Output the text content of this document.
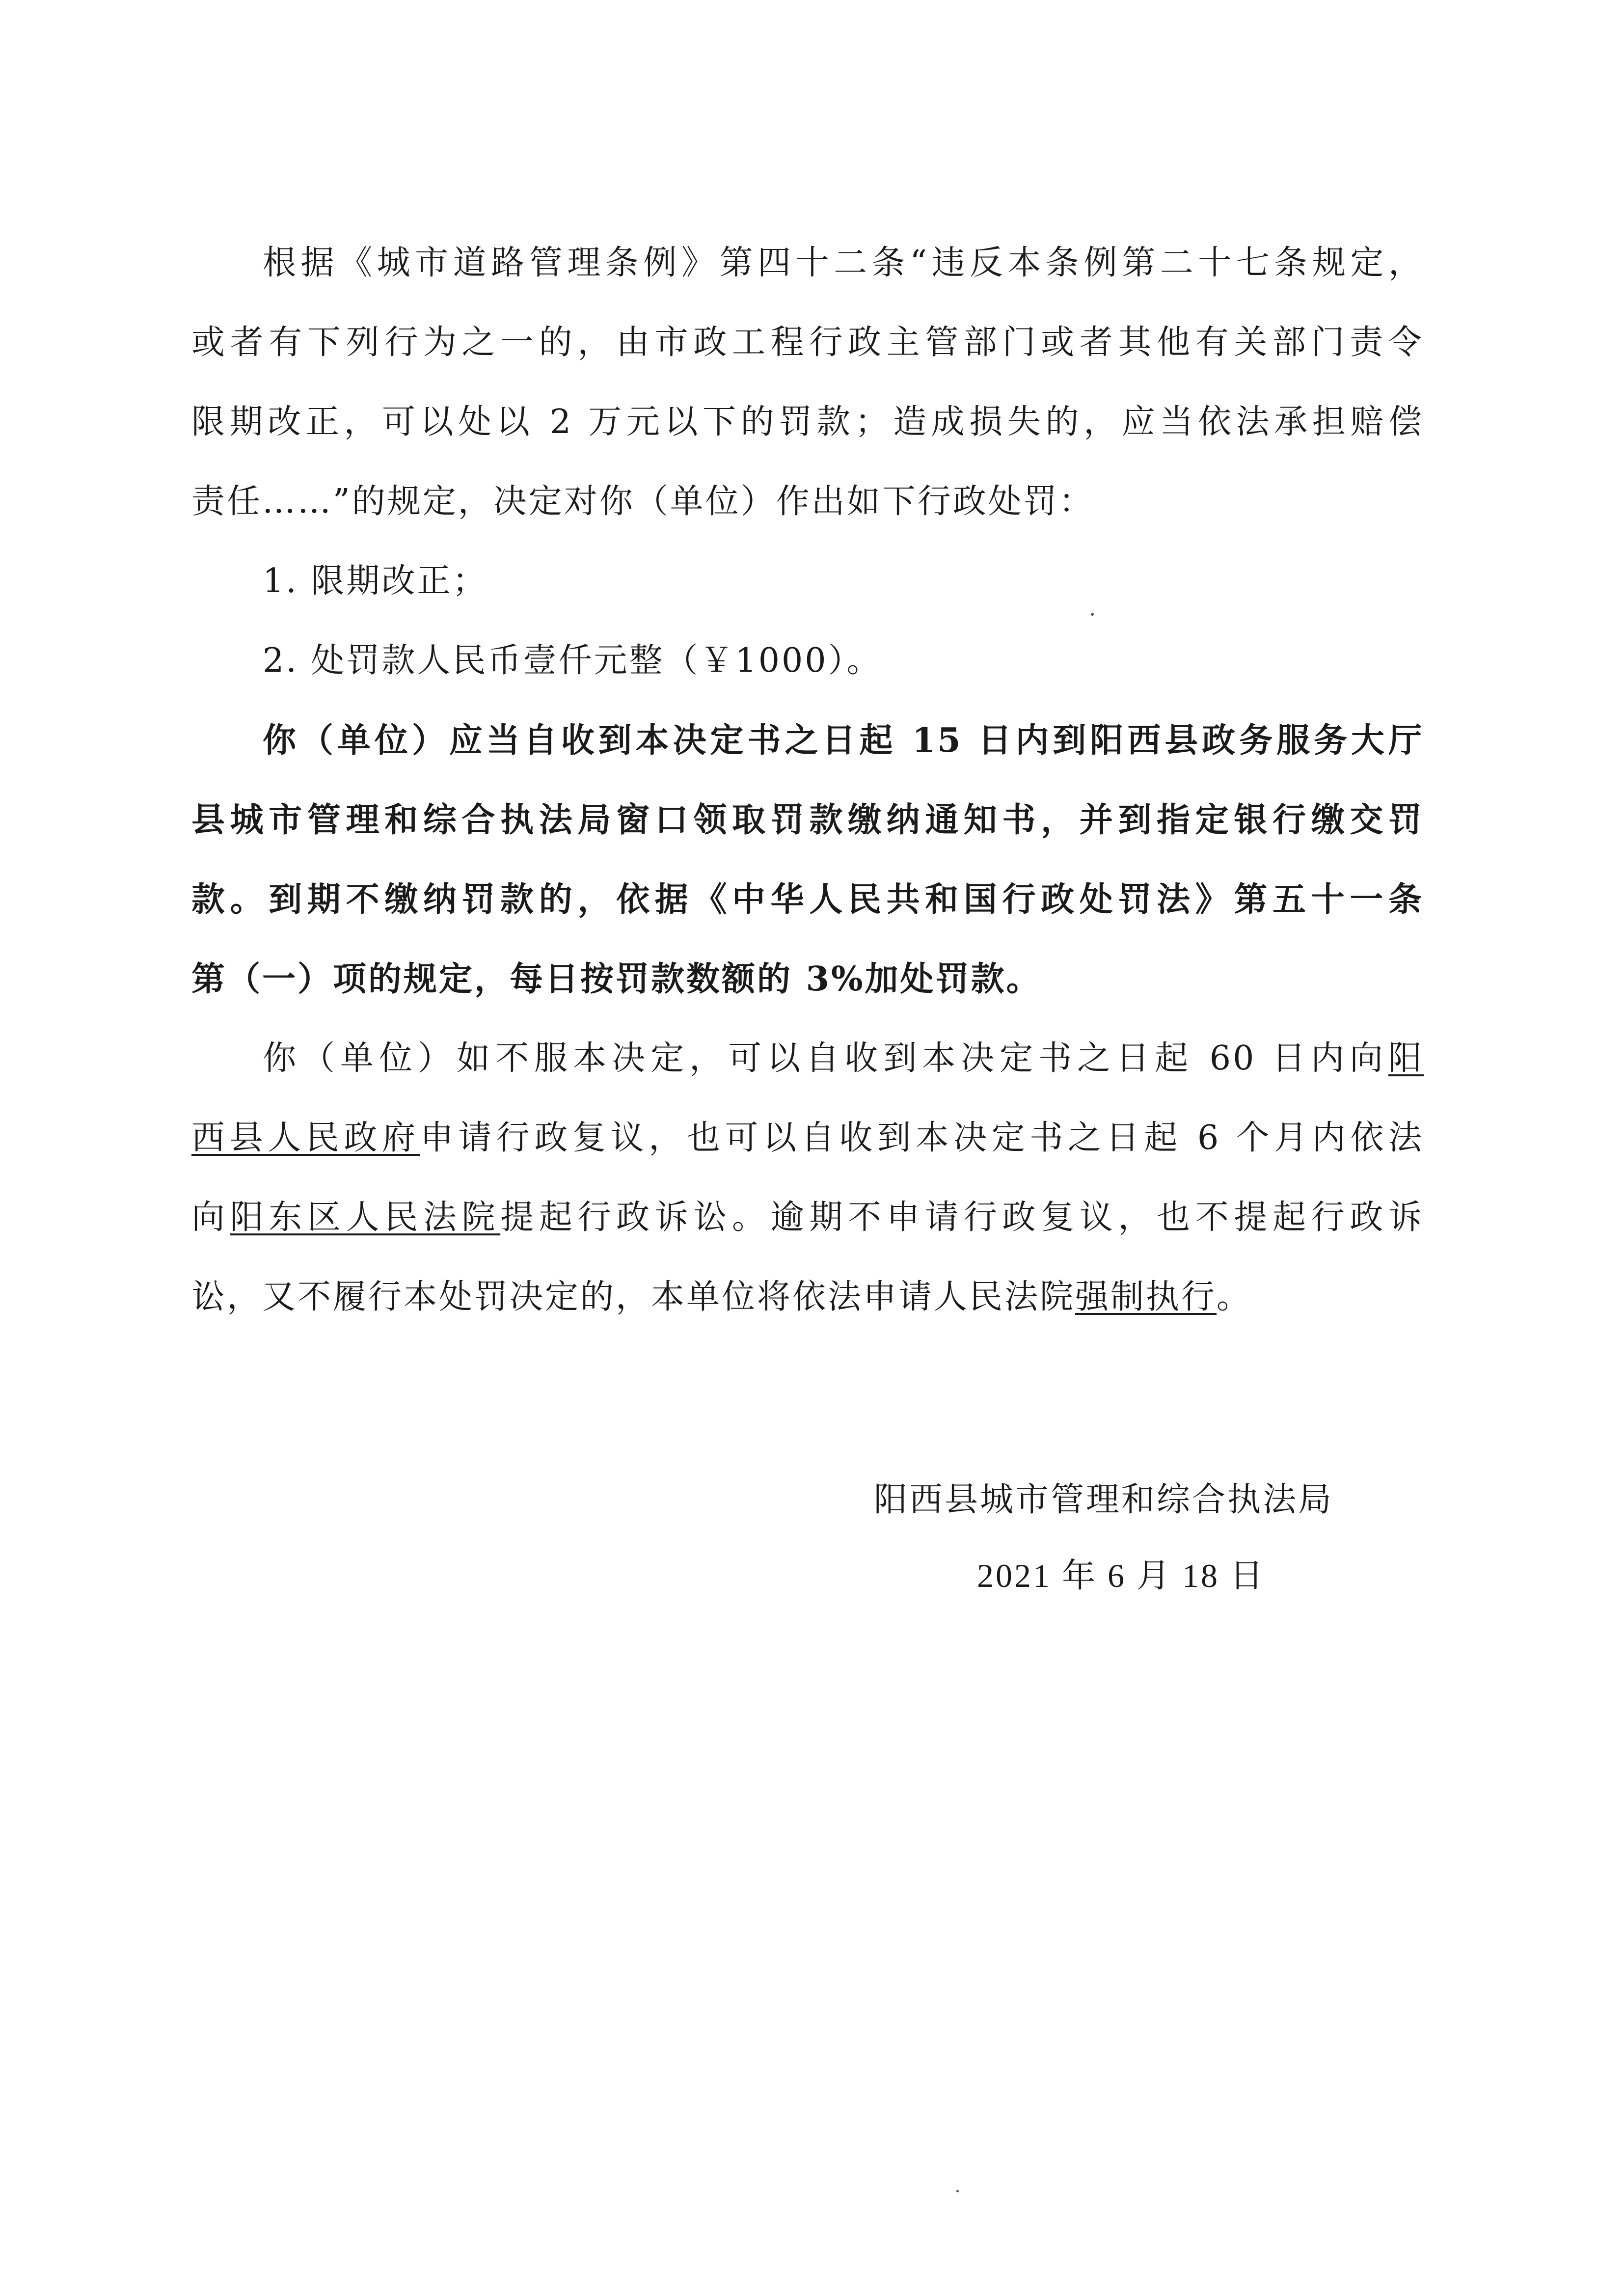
根据《城市道路管理条例》第四十二条“违反本条例第二十七条规定，
或者有下列行为之一的，由市政工程行政主管部门或者其他有关部门责令
限期改正，可以处以 2 万元以下的罚款；造成损失的，应当依法承担赔偿
责任……”的规定，决定对你（单位）作出如下行政处罚：
1. 限期改正；
2. 处罚款人民币壹仟元整（￥1000）。
你（单位）应当自收到本决定书之日起 15 日内到阳西县政务服务大厅
县城市管理和综合执法局窗口领取罚款缴纳通知书，并到指定银行缴交罚
款。到期不缴纳罚款的，依据《中华人民共和国行政处罚法》第五十一条
第（一）项的规定，每日按罚款数额的 3%加处罚款。
你（单位）如不服本决定，可以自收到本决定书之日起 60 日内向阳
西县人民政府申请行政复议，也可以自收到本决定书之日起 6 个月内依法
向阳东区人民法院提起行政诉讼。逾期不申请行政复议，也不提起行政诉
讼，又不履行本处罚决定的，本单位将依法申请人民法院强制执行。
阳西县城市管理和综合执法局
2021 年 6 月 18 日
